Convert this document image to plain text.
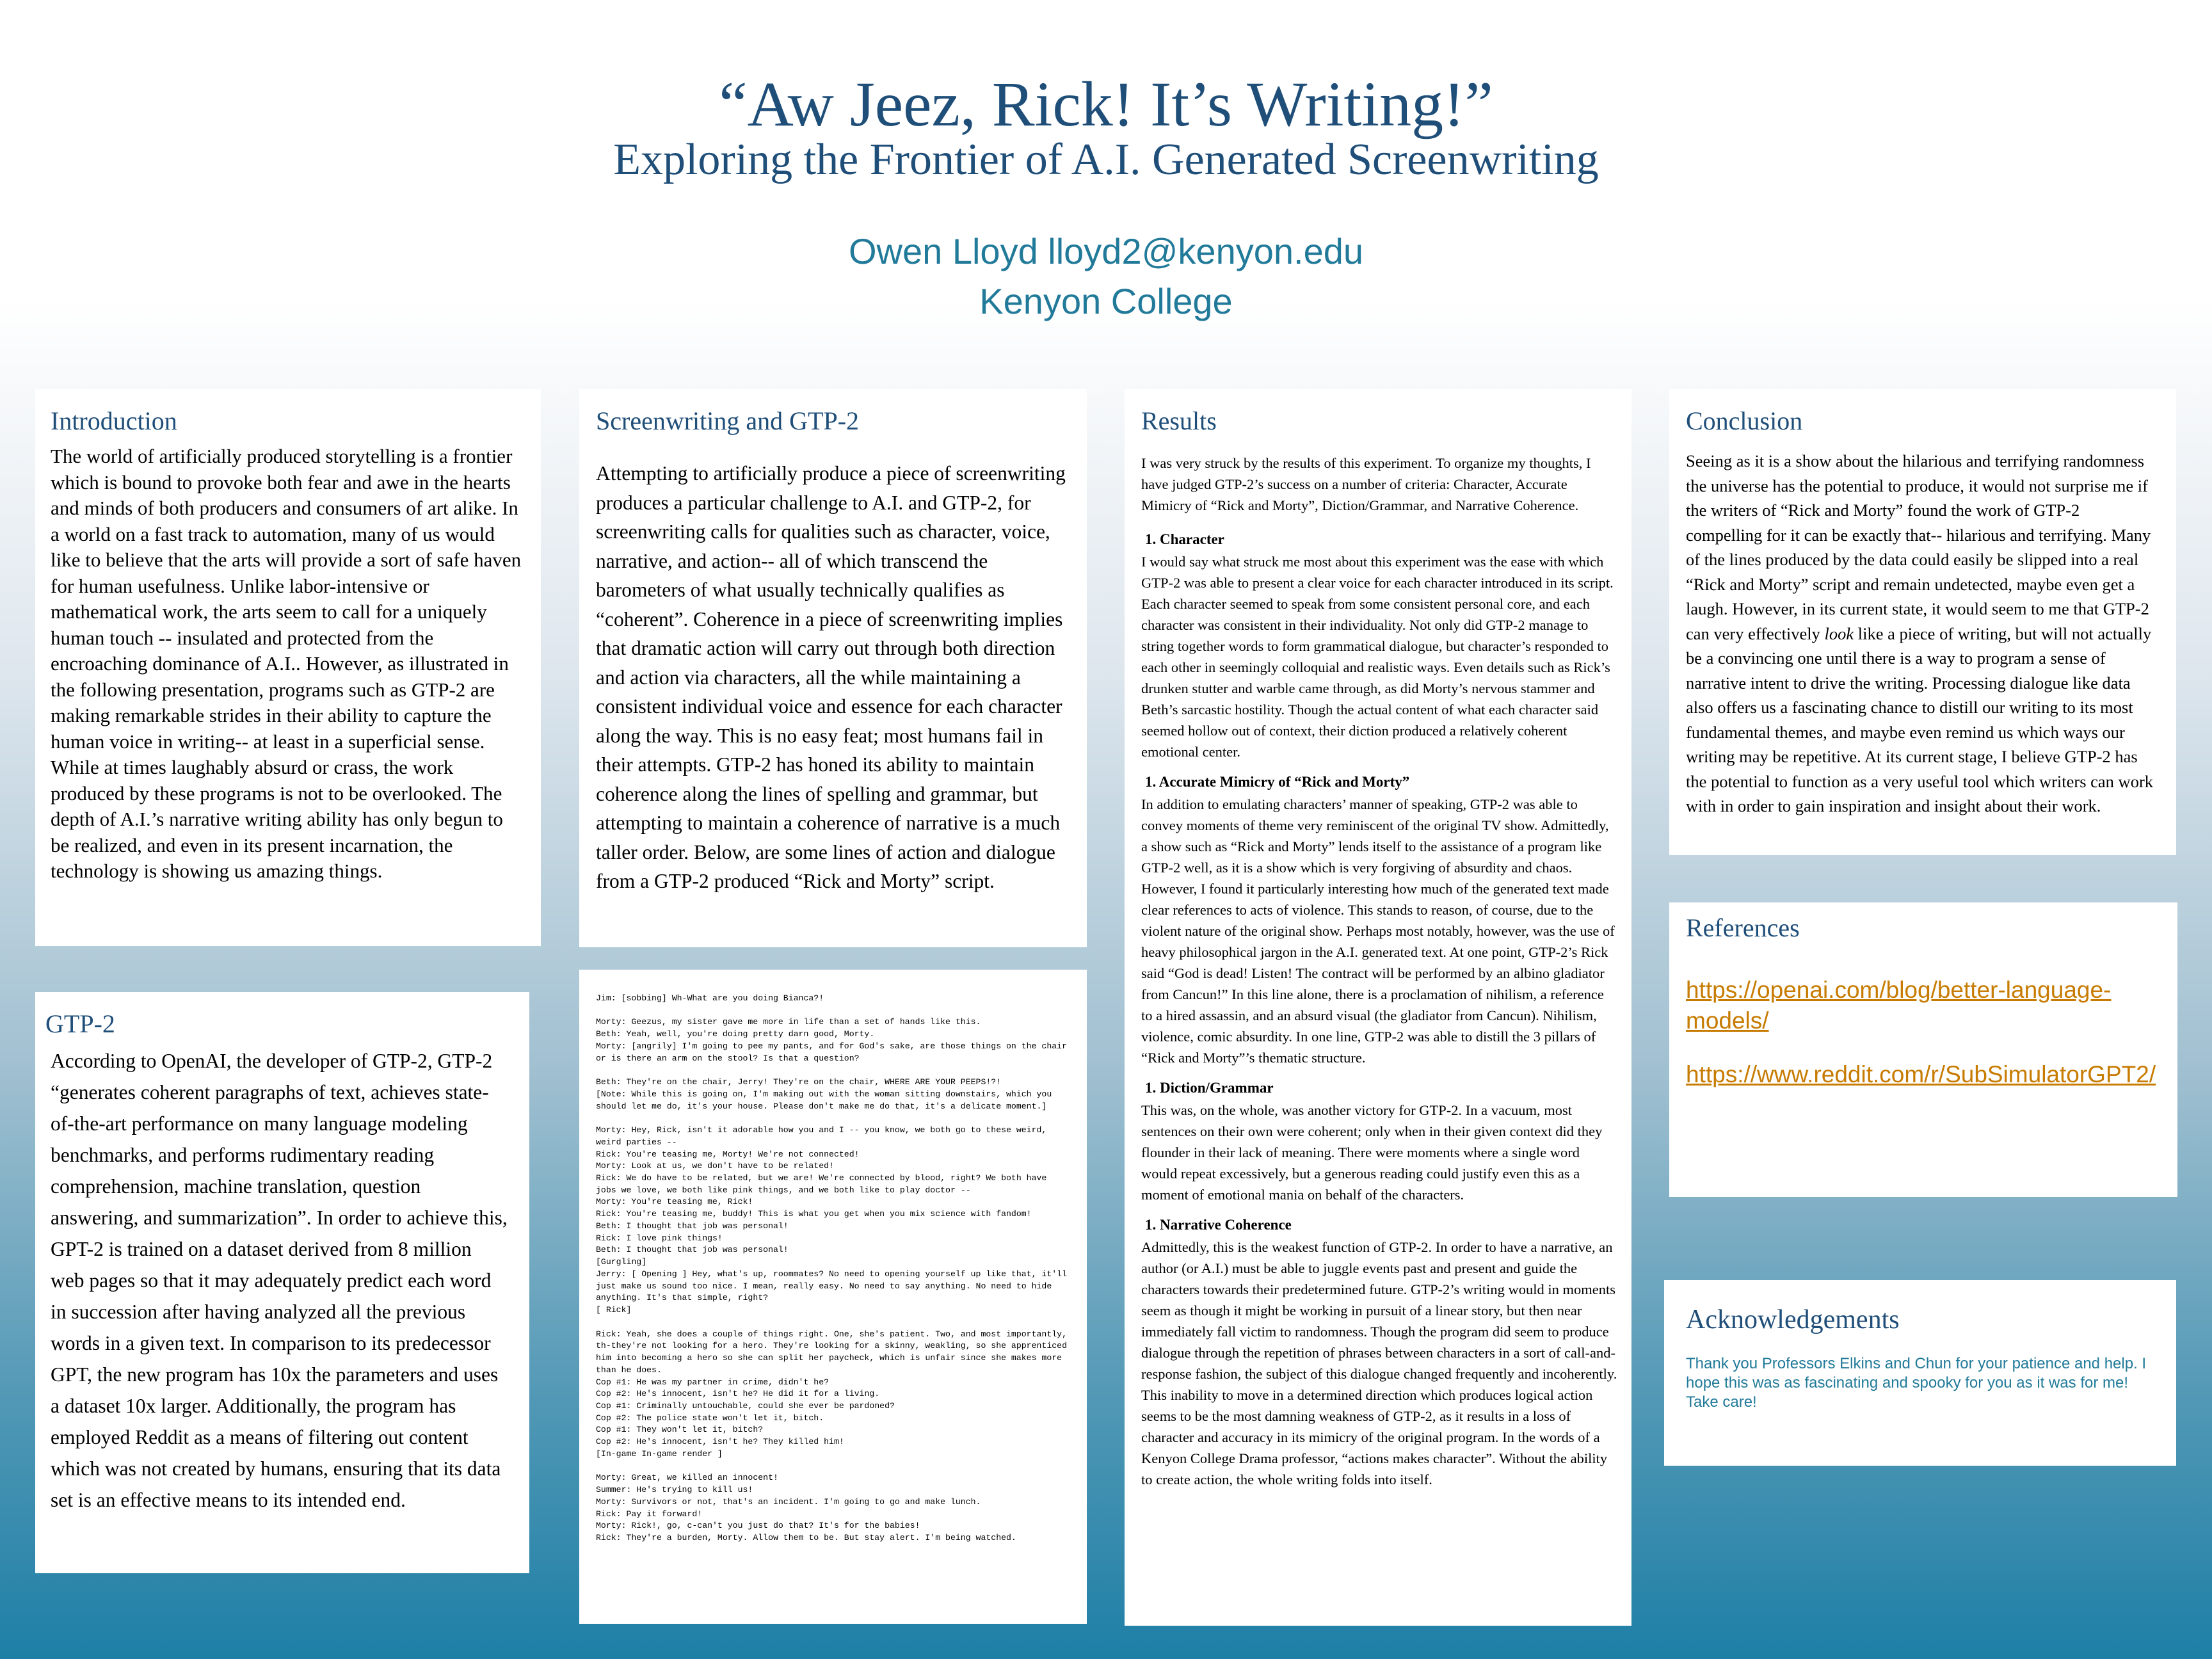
“Aw Jeez, Rick! It’s Writing!”
Exploring the Frontier of A.I. Generated Screenwriting
Owen Lloyd lloyd2@kenyon.edu
Kenyon College
Introduction

The world of artificially produced storytelling is a frontier which is bound to provoke both fear and awe in the hearts and minds of both producers and consumers of art alike. In a world on a fast track to automation, many of us would like to believe that the arts will provide a sort of safe haven for human usefulness. Unlike labor-intensive or mathematical work, the arts seem to call for a uniquely human touch -- insulated and protected from the encroaching dominance of A.I.. However, as illustrated in the following presentation, programs such as GTP-2 are making remarkable strides in their ability to capture the human voice in writing-- at least in a superficial sense. While at times laughably absurd or crass, the work produced by these programs is not to be overlooked. The depth of A.I.’s narrative writing ability has only begun to be realized, and even in its present incarnation, the technology is showing us amazing things.

GTP-2

According to OpenAI, the developer of GTP-2, GTP-2 “generates coherent paragraphs of text, achieves state-of-the-art performance on many language modeling benchmarks, and performs rudimentary reading comprehension, machine translation, question answering, and summarization”. In order to achieve this, GPT-2 is trained on a dataset derived from 8 million web pages so that it may adequately predict each word in succession after having analyzed all the previous words in a given text. In comparison to its predecessor GPT, the new program has 10x the parameters and uses a dataset 10x larger. Additionally, the program has employed Reddit as a means of filtering out content which was not created by humans, ensuring that its data set is an effective means to its intended end.

Screenwriting and GTP-2

Attempting to artificially produce a piece of screenwriting produces a particular challenge to A.I. and GTP-2, for screenwriting calls for qualities such as character, voice, narrative, and action-- all of which transcend the barometers of what usually technically qualifies as “coherent”. Coherence in a piece of screenwriting implies that dramatic action will carry out through both direction and action via characters, all the while maintaining a consistent individual voice and essence for each character along the way. This is no easy feat; most humans fail in their attempts. GTP-2 has honed its ability to maintain coherence along the lines of spelling and grammar, but attempting to maintain a coherence of narrative is a much taller order. Below, are some lines of action and dialogue from a GTP-2 produced “Rick and Morty” script.

Jim: [sobbing] Wh-What are you doing Bianca?!

Morty: Geezus, my sister gave me more in life than a set of hands like this.
Beth: Yeah, well, you're doing pretty darn good, Morty.
Morty: [angrily] I'm going to pee my pants, and for God's sake, are those things on the chair or is there an arm on the stool? Is that a question?

Beth: They're on the chair, Jerry! They're on the chair, WHERE ARE YOUR PEEPS!?!
[Note: While this is going on, I'm making out with the woman sitting downstairs, which you should let me do, it's your house. Please don't make me do that, it's a delicate moment.]

Morty: Hey, Rick, isn't it adorable how you and I -- you know, we both go to these weird, weird parties --
Rick: You're teasing me, Morty! We're not connected!
Morty: Look at us, we don't have to be related!
Rick: We do have to be related, but we are! We're connected by blood, right? We both have jobs we love, we both like pink things, and we both like to play doctor --
Morty: You're teasing me, Rick!
Rick: You're teasing me, buddy! This is what you get when you mix science with fandom!
Beth: I thought that job was personal!
Rick: I love pink things!
Beth: I thought that job was personal!
[Gurgling]
Jerry: [ Opening ] Hey, what's up, roommates? No need to opening yourself up like that, it'll just make us sound too nice. I mean, really easy. No need to say anything. No need to hide anything. It's that simple, right?
[ Rick]

Rick: Yeah, she does a couple of things right. One, she's patient. Two, and most importantly, th-they're not looking for a hero. They're looking for a skinny, weakling, so she apprenticed him into becoming a hero so she can split her paycheck, which is unfair since she makes more than he does.
Cop #1: He was my partner in crime, didn't he?
Cop #2: He's innocent, isn't he? He did it for a living.
Cop #1: Criminally untouchable, could she ever be pardoned?
Cop #2: The police state won't let it, bitch.
Cop #1: They won't let it, bitch?
Cop #2: He's innocent, isn't he? They killed him!
[In-game In-game render ]

Morty: Great, we killed an innocent!
Summer: He's trying to kill us!
Morty: Survivors or not, that's an incident. I'm going to go and make lunch.
Rick: Pay it forward!
Morty: Rick!, go, c-can't you just do that? It's for the babies!
Rick: They're a burden, Morty. Allow them to be. But stay alert. I'm being watched.
Results

I was very struck by the results of this experiment. To organize my thoughts, I have judged GTP-2’s success on a number of criteria: Character, Accurate Mimicry of “Rick and Morty”, Diction/Grammar, and Narrative Coherence.

1. Character

I would say what struck me most about this experiment was the ease with which GTP-2 was able to present a clear voice for each character introduced in its script. Each character seemed to speak from some consistent personal core, and each character was consistent in their individuality. Not only did GTP-2 manage to string together words to form grammatical dialogue, but character’s responded to each other in seemingly colloquial and realistic ways. Even details such as Rick’s drunken stutter and warble came through, as did Morty’s nervous stammer and Beth’s sarcastic hostility. Though the actual content of what each character said seemed hollow out of context, their diction produced a relatively coherent emotional center.

1. Accurate Mimicry of “Rick and Morty”

In addition to emulating characters’ manner of speaking, GTP-2 was able to convey moments of theme very reminiscent of the original TV show. Admittedly, a show such as “Rick and Morty” lends itself to the assistance of a program like GTP-2 well, as it is a show which is very forgiving of absurdity and chaos. However, I found it particularly interesting how much of the generated text made clear references to acts of violence. This stands to reason, of course, due to the violent nature of the original show. Perhaps most notably, however, was the use of heavy philosophical jargon in the A.I. generated text. At one point, GTP-2’s Rick said “God is dead! Listen! The contract will be performed by an albino gladiator from Cancun!” In this line alone, there is a proclamation of nihilism, a reference to a hired assassin, and an absurd visual (the gladiator from Cancun). Nihilism, violence, comic absurdity. In one line, GTP-2 was able to distill the 3 pillars of “Rick and Morty”’s thematic structure.

1. Diction/Grammar

This was, on the whole, was another victory for GTP-2. In a vacuum, most sentences on their own were coherent; only when in their given context did they flounder in their lack of meaning. There were moments where a single word would repeat excessively, but a generous reading could justify even this as a moment of emotional mania on behalf of the characters.

1. Narrative Coherence

Admittedly, this is the weakest function of GTP-2. In order to have a narrative, an author (or A.I.) must be able to juggle events past and present and guide the characters towards their predetermined future. GTP-2’s writing would in moments seem as though it might be working in pursuit of a linear story, but then near immediately fall victim to randomness. Though the program did seem to produce dialogue through the repetition of phrases between characters in a sort of call-and-response fashion, the subject of this dialogue changed frequently and incoherently. This inability to move in a determined direction which produces logical action seems to be the most damning weakness of GTP-2, as it results in a loss of character and accuracy in its mimicry of the original program. In the words of a Kenyon College Drama professor, “actions makes character”. Without the ability to create action, the whole writing folds into itself.

Conclusion

Seeing as it is a show about the hilarious and terrifying randomness the universe has the potential to produce, it would not surprise me if the writers of “Rick and Morty” found the work of GTP-2 compelling for it can be exactly that-- hilarious and terrifying. Many of the lines produced by the data could easily be slipped into a real “Rick and Morty” script and remain undetected, maybe even get a laugh. However, in its current state, it would seem to me that GTP-2 can very effectively look like a piece of writing, but will not actually be a convincing one until there is a way to program a sense of narrative intent to drive the writing. Processing dialogue like data also offers us a fascinating chance to distill our writing to its most fundamental themes, and maybe even remind us which ways our writing may be repetitive. At its current stage, I believe GTP-2 has the potential to function as a very useful tool which writers can work with in order to gain inspiration and insight about their work.

References
https://openai.com/blog/better-language-models/
https://www.reddit.com/r/SubSimulatorGPT2/
Acknowledgements

Thank you Professors Elkins and Chun for your patience and help. I hope this was as fascinating and spooky for you as it was for me! Take care!
